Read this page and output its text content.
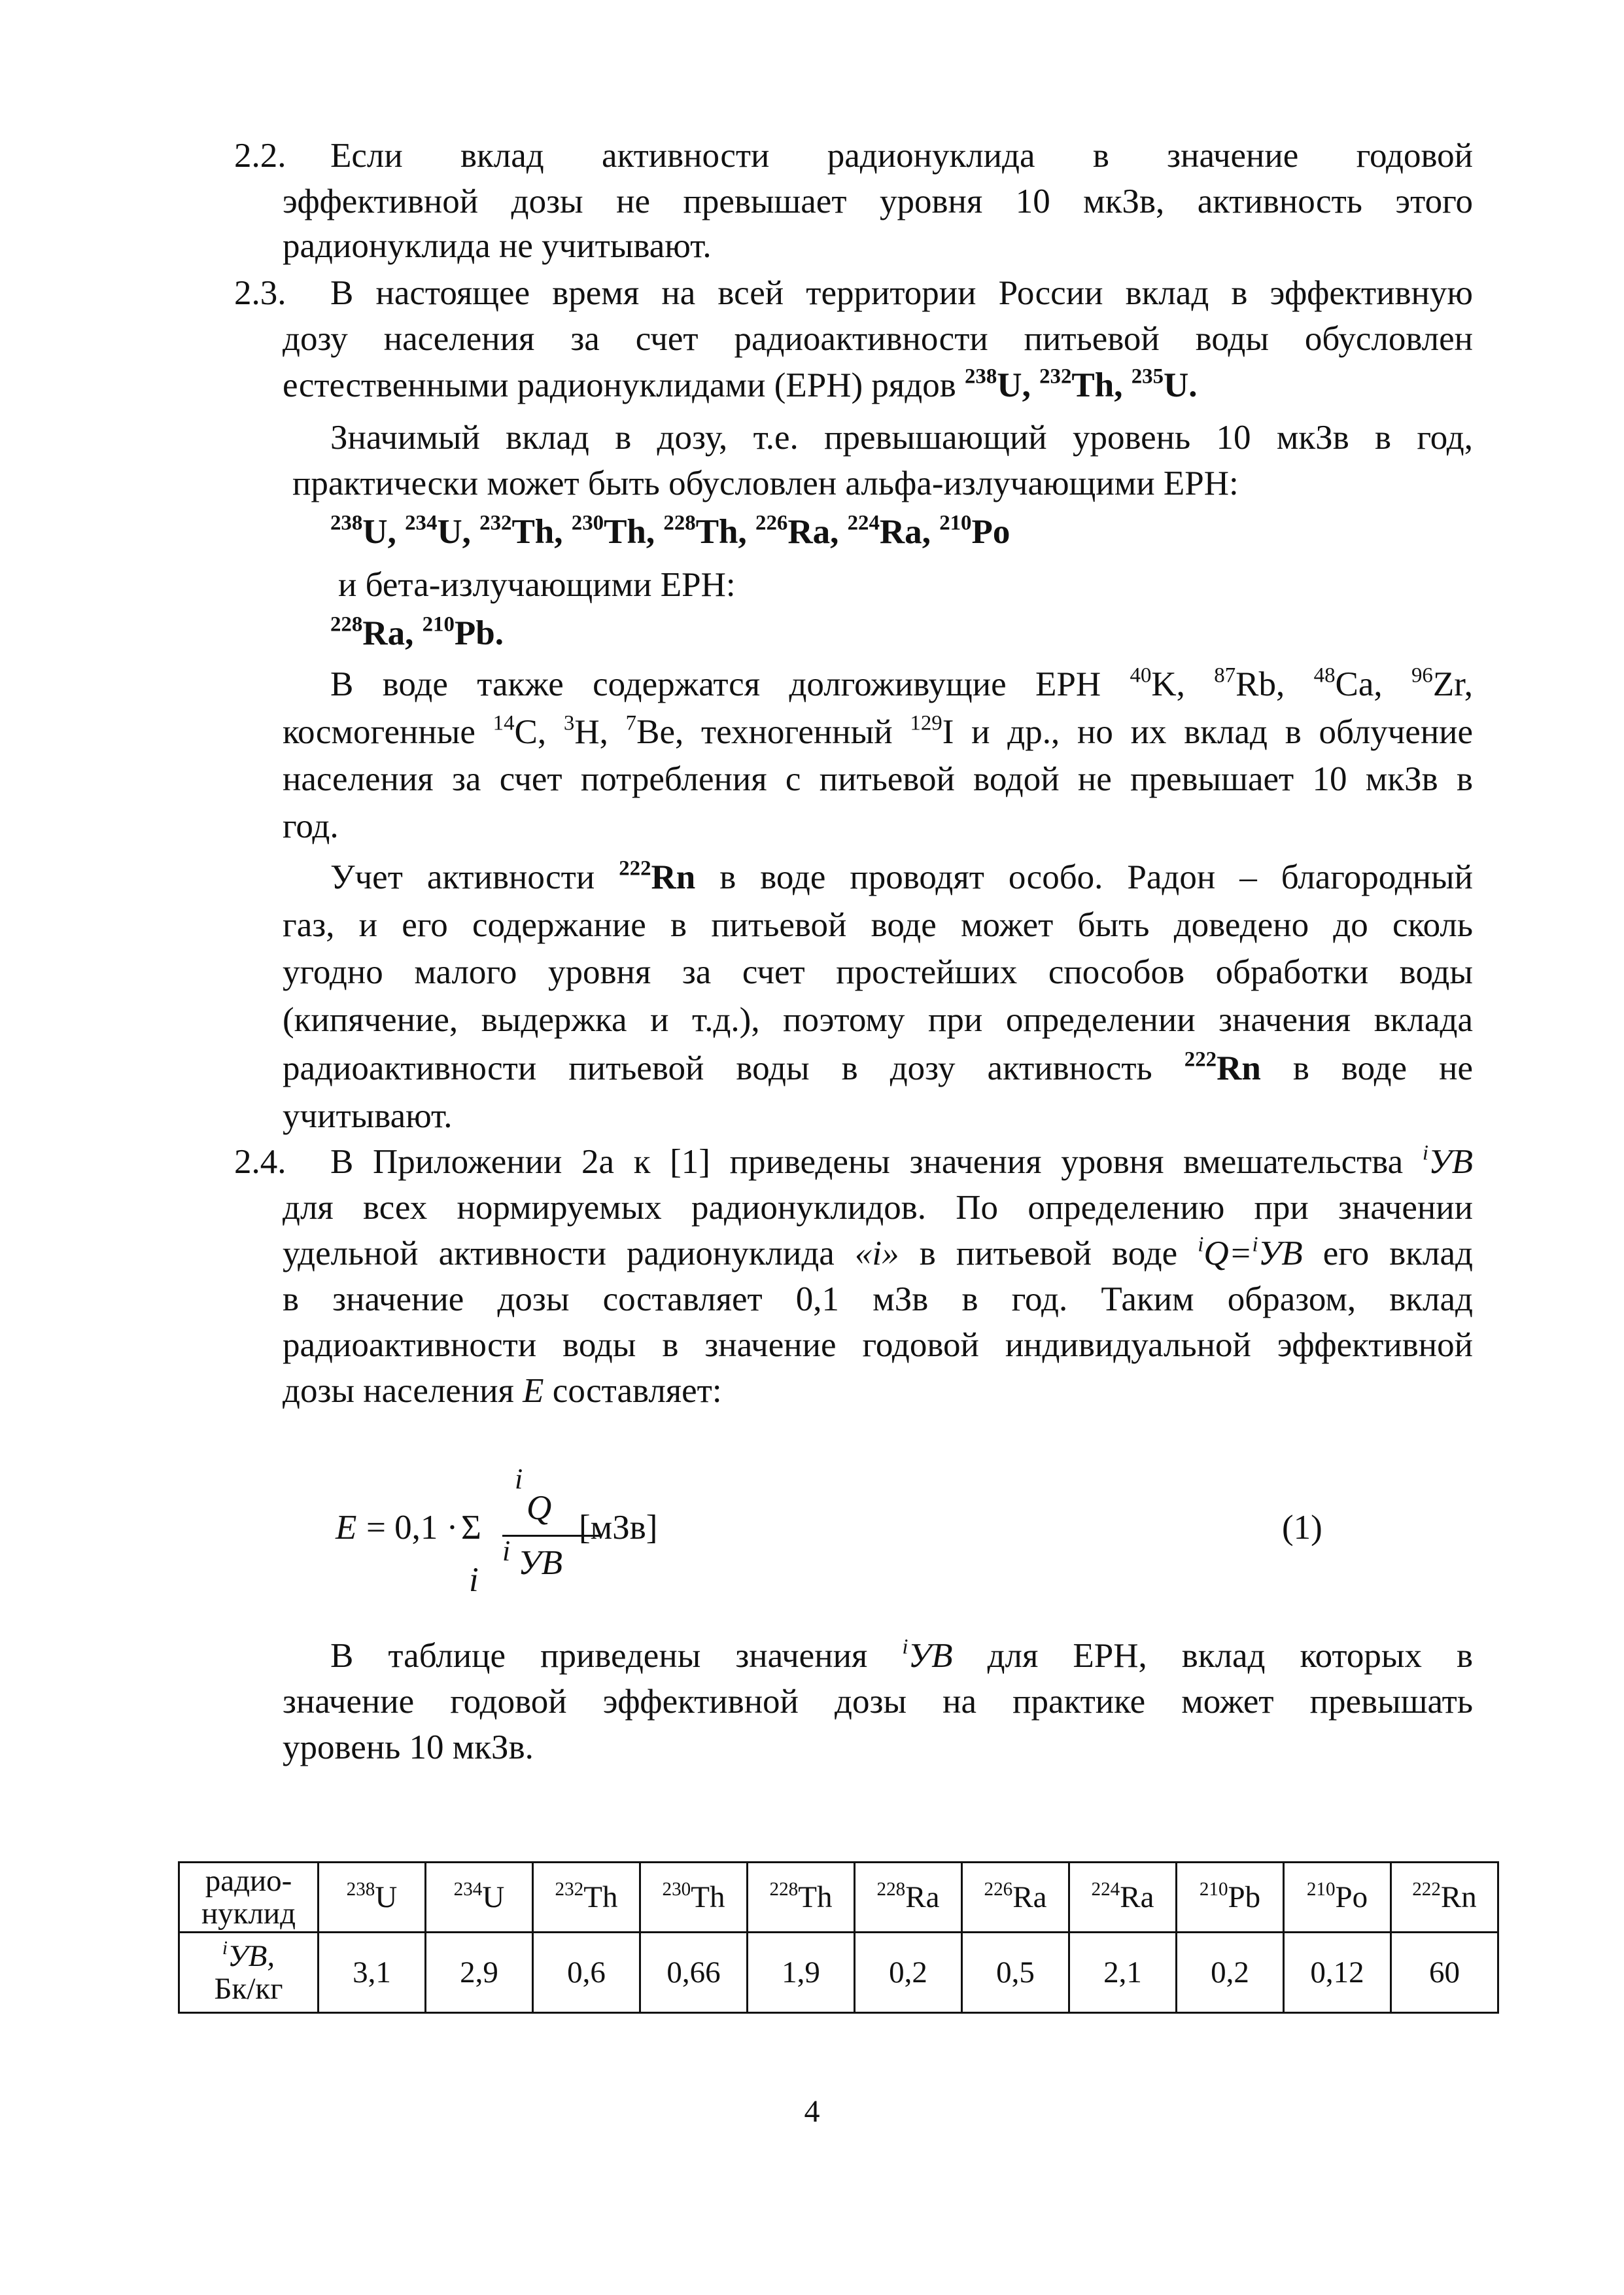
2.2. Если вклад активности радионуклида в значение годовой
эффективной дозы не превышает уровня 10 мкЗв, активность этого
радионуклида не учитывают.
2.3. В настоящее время на всей территории России вклад в эффективную
дозу населения за счет радиоактивности питьевой воды обусловлен
естественными радионуклидами (ЕРН) рядов $^{238}$U, $^{232}$Th, $^{235}$U.
Значимый вклад в дозу, т.е. превышающий уровень 10 мкЗв в год,
практически может быть обусловлен альфа-излучающими ЕРН:
$^{238}$U, $^{234}$U, $^{232}$Th, $^{230}$Th, $^{228}$Th, $^{226}$Ra, $^{224}$Ra, $^{210}$Po
и бета-излучающими ЕРН:
$^{228}$Ra, $^{210}$Pb.
В воде также содержатся долгоживущие ЕРН $^{40}$K, $^{87}$Rb, $^{48}$Ca, $^{96}$Zr,
космогенные $^{14}$C, $^3$H, $^7$Be, техногенный $^{129}$I и др., но их вклад в облучение
населения за счет потребления с питьевой водой не превышает 10 мкЗв в
год.
Учет активности $^{222}$Rn в воде проводят особо. Радон – благородный
газ, и его содержание в питьевой воде может быть доведено до сколь
угодно малого уровня за счет простейших способов обработки воды
(кипячение, выдержка и т.д.), поэтому при определении значения вклада
радиоактивности питьевой воды в дозу активность $^{222}$Rn в воде не
учитывают.
2.4. В Приложении 2а к [1] приведены значения уровня вмешательства $^i$УВ
для всех нормируемых радионуклидов. По определению при значении
удельной активности радионуклида «i» в питьевой воде $^i$Q=$^i$УВ его вклад
в значение дозы составляет 0,1 мЗв в год. Таким образом, вклад
радиоактивности воды в значение годовой индивидуальной эффективной
дозы населения E составляет:
E = 0,1 · Σ
i
i
Q
i УВ
[мЗв]	(1)
В таблице приведены значения $^i$УВ для ЕРН, вклад которых в
значение годовой эффективной дозы на практике может превышать
уровень 10 мкЗв.
радио-
нуклид	$^{238}$U	$^{234}$U	$^{232}$Th	$^{230}$Th	$^{228}$Th	$^{228}$Ra	$^{226}$Ra	$^{224}$Ra	$^{210}$Pb	$^{210}$Po	$^{222}$Rn
$^i$УВ,
Бк/кг	3,1	2,9	0,6	0,66	1,9	0,2	0,5	2,1	0,2	0,12	60
4
